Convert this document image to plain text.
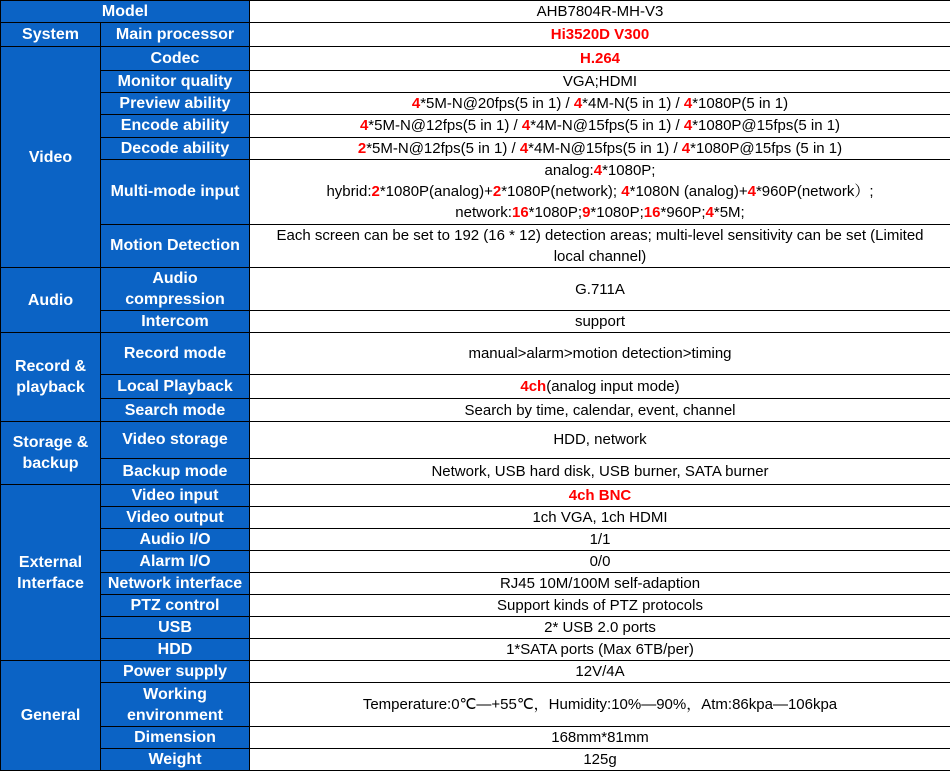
Model		AHB7804R-MH-V3
System	Main processor	Hi3520D V300
Video	Codec	H.264
	Monitor quality	VGA;HDMI
	Preview ability	4*5M-N@20fps(5 in 1) / 4*4M-N(5 in 1) / 4*1080P(5 in 1)
	Encode ability	4*5M-N@12fps(5 in 1) / 4*4M-N@15fps(5 in 1) / 4*1080P@15fps(5 in 1)
	Decode ability	2*5M-N@12fps(5 in 1) / 4*4M-N@15fps(5 in 1) / 4*1080P@15fps (5 in 1)
	Multi-mode input	analog:4*1080P;
hybrid:2*1080P(analog)+2*1080P(network); 4*1080N (analog)+4*960P(network）;
network:16*1080P;9*1080P;16*960P;4*5M;

	Motion Detection	Each screen can be set to 192 (16 * 12) detection areas; multi-level sensitivity can be set (Limited
local channel)

Audio	Audio compression	G.711A
	Intercom	support
Record & playback	Record mode	manual>alarm>motion detection>timing
	Local Playback	4ch(analog input mode)
	Search mode	Search by time, calendar, event, channel
Storage & backup	Video storage	HDD, network
	Backup mode	Network, USB hard disk, USB burner, SATA burner
External Interface	Video input	4ch BNC
	Video output	1ch VGA, 1ch HDMI
	Audio I/O	1/1
	Alarm I/O	0/0
	Network interface	RJ45 10M/100M self-adaption
	PTZ control	Support kinds of PTZ protocols
	USB	2* USB 2.0 ports
	HDD	1*SATA ports (Max 6TB/per)
General	Power supply	12V/4A
	Working environment	Temperature:0℃—+55℃，Humidity:10%—90%，Atm:86kpa—106kpa
	Dimension	168mm*81mm
	Weight	125g
